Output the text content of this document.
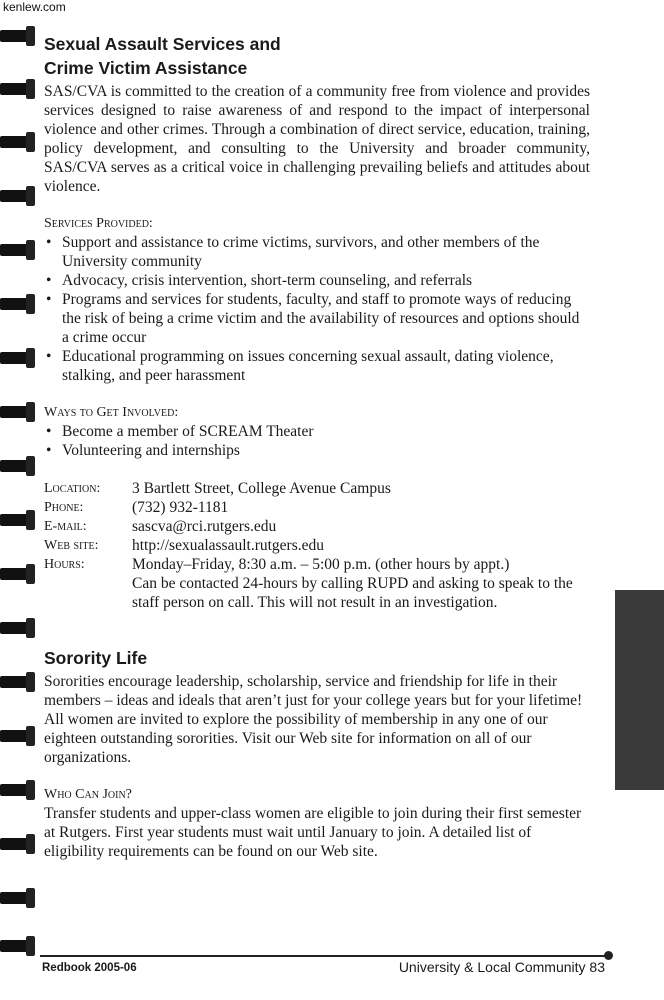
kenlew.com
Sexual Assault Services and
Crime Victim Assistance

SAS/CVA is committed to the creation of a community free from violence and provides services designed to raise awareness of and respond to the impact of interpersonal violence and other crimes. Through a combination of direct service, education, training, policy development, and consulting to the University and broader community, SAS/CVA serves as a critical voice in challenging prevailing beliefs and attitudes about violence.

Services Provided:

• Support and assistance to crime victims, survivors, and other members of the University community
• Advocacy, crisis intervention, short-term counseling, and referrals
• Programs and services for students, faculty, and staff to promote ways of reducing the risk of being a crime victim and the availability of resources and options should a crime occur
• Educational programming on issues concerning sexual assault, dating violence, stalking, and peer harassment

Ways to Get Involved:

• Become a member of SCREAM Theater
• Volunteering and internships
Location:	3 Bartlett Street, College Avenue Campus
Phone:	(732) 932-1181
E-mail:	sascva@rci.rutgers.edu
Web site:	http://sexualassault.rutgers.edu
Hours:	Monday–Friday, 8:30 a.m. – 5:00 p.m. (other hours by appt.)
Can be contacted 24-hours by calling RUPD and asking to speak to the staff person on call. This will not result in an investigation.
Sorority Life

Sororities encourage leadership, scholarship, service and friendship for life in their members – ideas and ideals that aren’t just for your college years but for your lifetime! All women are invited to explore the possibility of membership in any one of our eighteen outstanding sororities. Visit our Web site for information on all of our organizations.

Who Can Join?

Transfer students and upper-class women are eligible to join during their first semester at Rutgers. First year students must wait until January to join. A detailed list of eligibility requirements can be found on our Web site.

Redbook 2005-06	University & Local Community 83
